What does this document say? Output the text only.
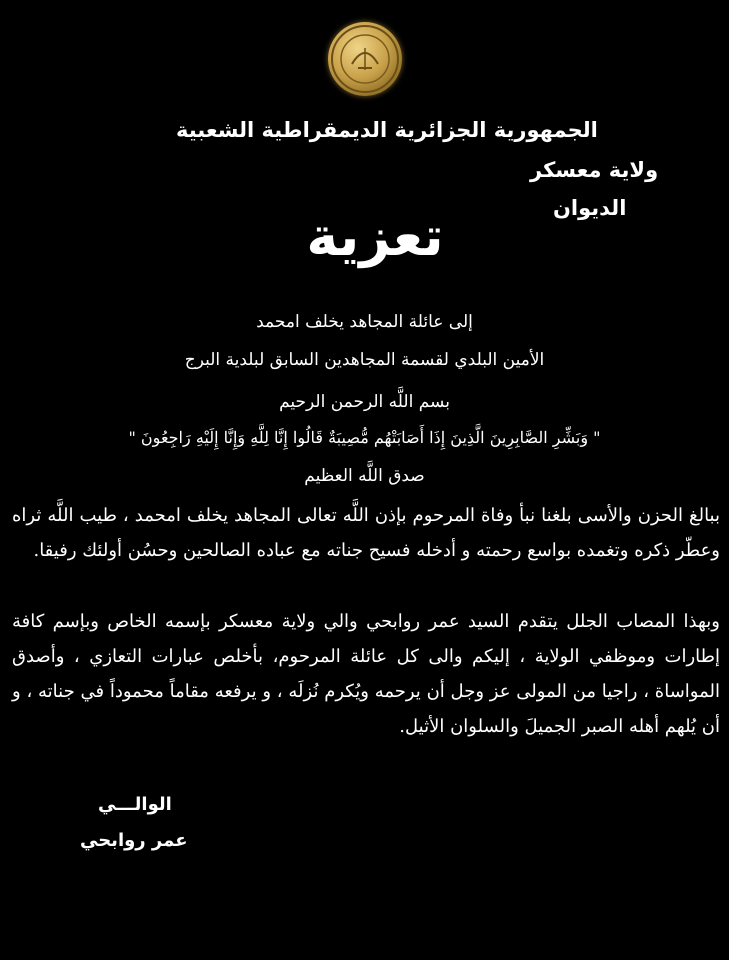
الجمهورية الجزائرية الديمقراطية الشعبية
ولاية معسكر
الديوان
تعزية
إلى عائلة المجاهد يخلف امحمد
الأمين البلدي لقسمة المجاهدين السابق لبلدية البرج
بسم اللَّه الرحمن الرحيم
" وَبَشِّرِ الصَّابِرِينَ الَّذِينَ إِذَا أَصَابَتْهُم مُّصِيبَةٌ قَالُوا إِنَّا لِلَّهِ وَإِنَّا إِلَيْهِ رَاجِعُونَ "
صدق اللَّه العظيم
ببالغ الحزن والأسى بلغنا نبأ وفاة المرحوم بإذن اللَّه تعالى المجاهد يخلف امحمد ، طيب اللَّه ثراه وعطّر ذكره وتغمده بواسع رحمته و أدخله فسيح جناته مع عباده الصالحين وحسُن أولئك رفيقا.
وبهذا المصاب الجلل يتقدم السيد عمر روابحي والي ولاية معسكر بإسمه الخاص وبإسم كافة إطارات وموظفي الولاية ، إليكم والى كل عائلة المرحوم، بأخلص عبارات التعازي ، وأصدق المواساة ، راجيا من المولى عز وجل أن يرحمه ويُكرم نُزلَه ، و يرفعه مقاماً محموداً في جناته ، و أن يُلهم أهله الصبر الجميلَ والسلوان الأثيل.
الوالـــي
عمر روابحي
